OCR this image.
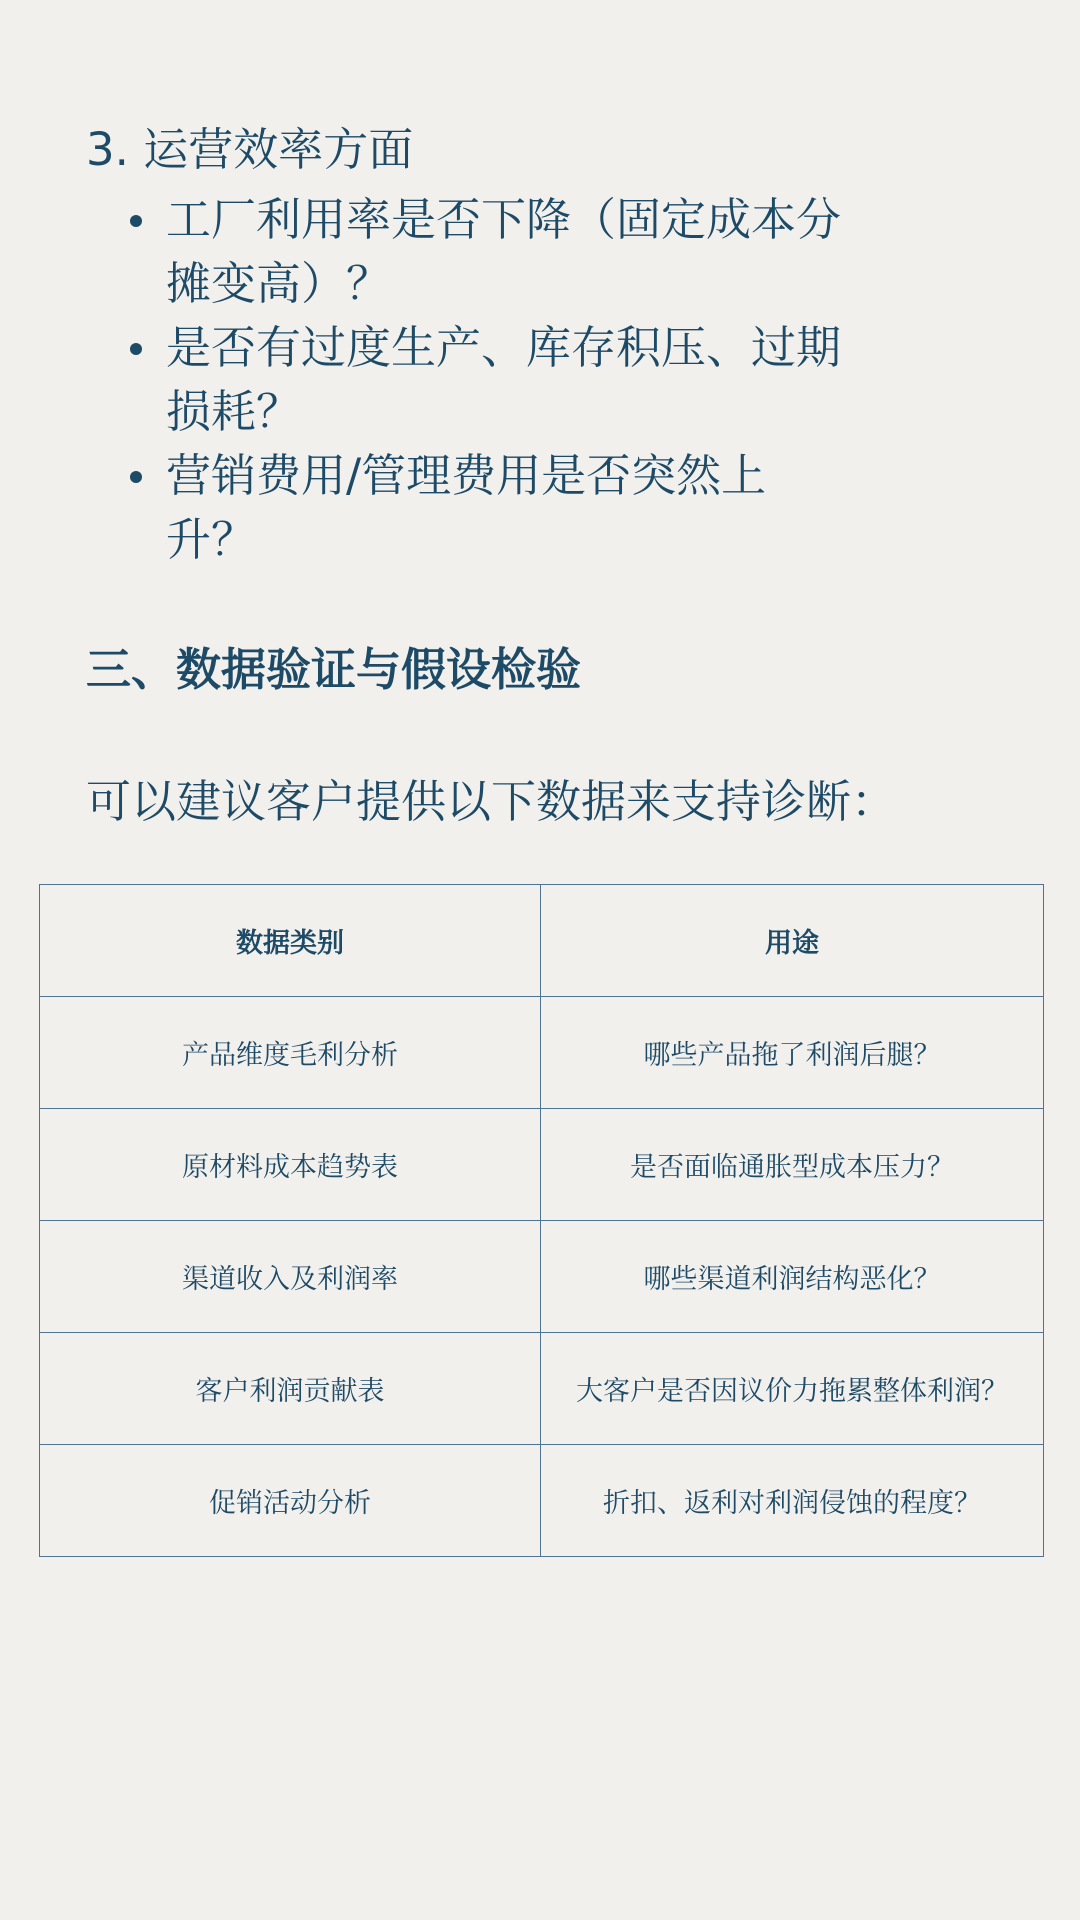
3. 运营效率方面
工厂利用率是否下降（固定成本分摊变高）？
是否有过度生产、库存积压、过期损耗？
营销费用/管理费用是否突然上升？
三、数据验证与假设检验

可以建议客户提供以下数据来支持诊断：

数据类别	用途
产品维度毛利分析	哪些产品拖了利润后腿？
原材料成本趋势表	是否面临通胀型成本压力？
渠道收入及利润率	哪些渠道利润结构恶化？
客户利润贡献表	大客户是否因议价力拖累整体利润？
促销活动分析	折扣、返利对利润侵蚀的程度？
